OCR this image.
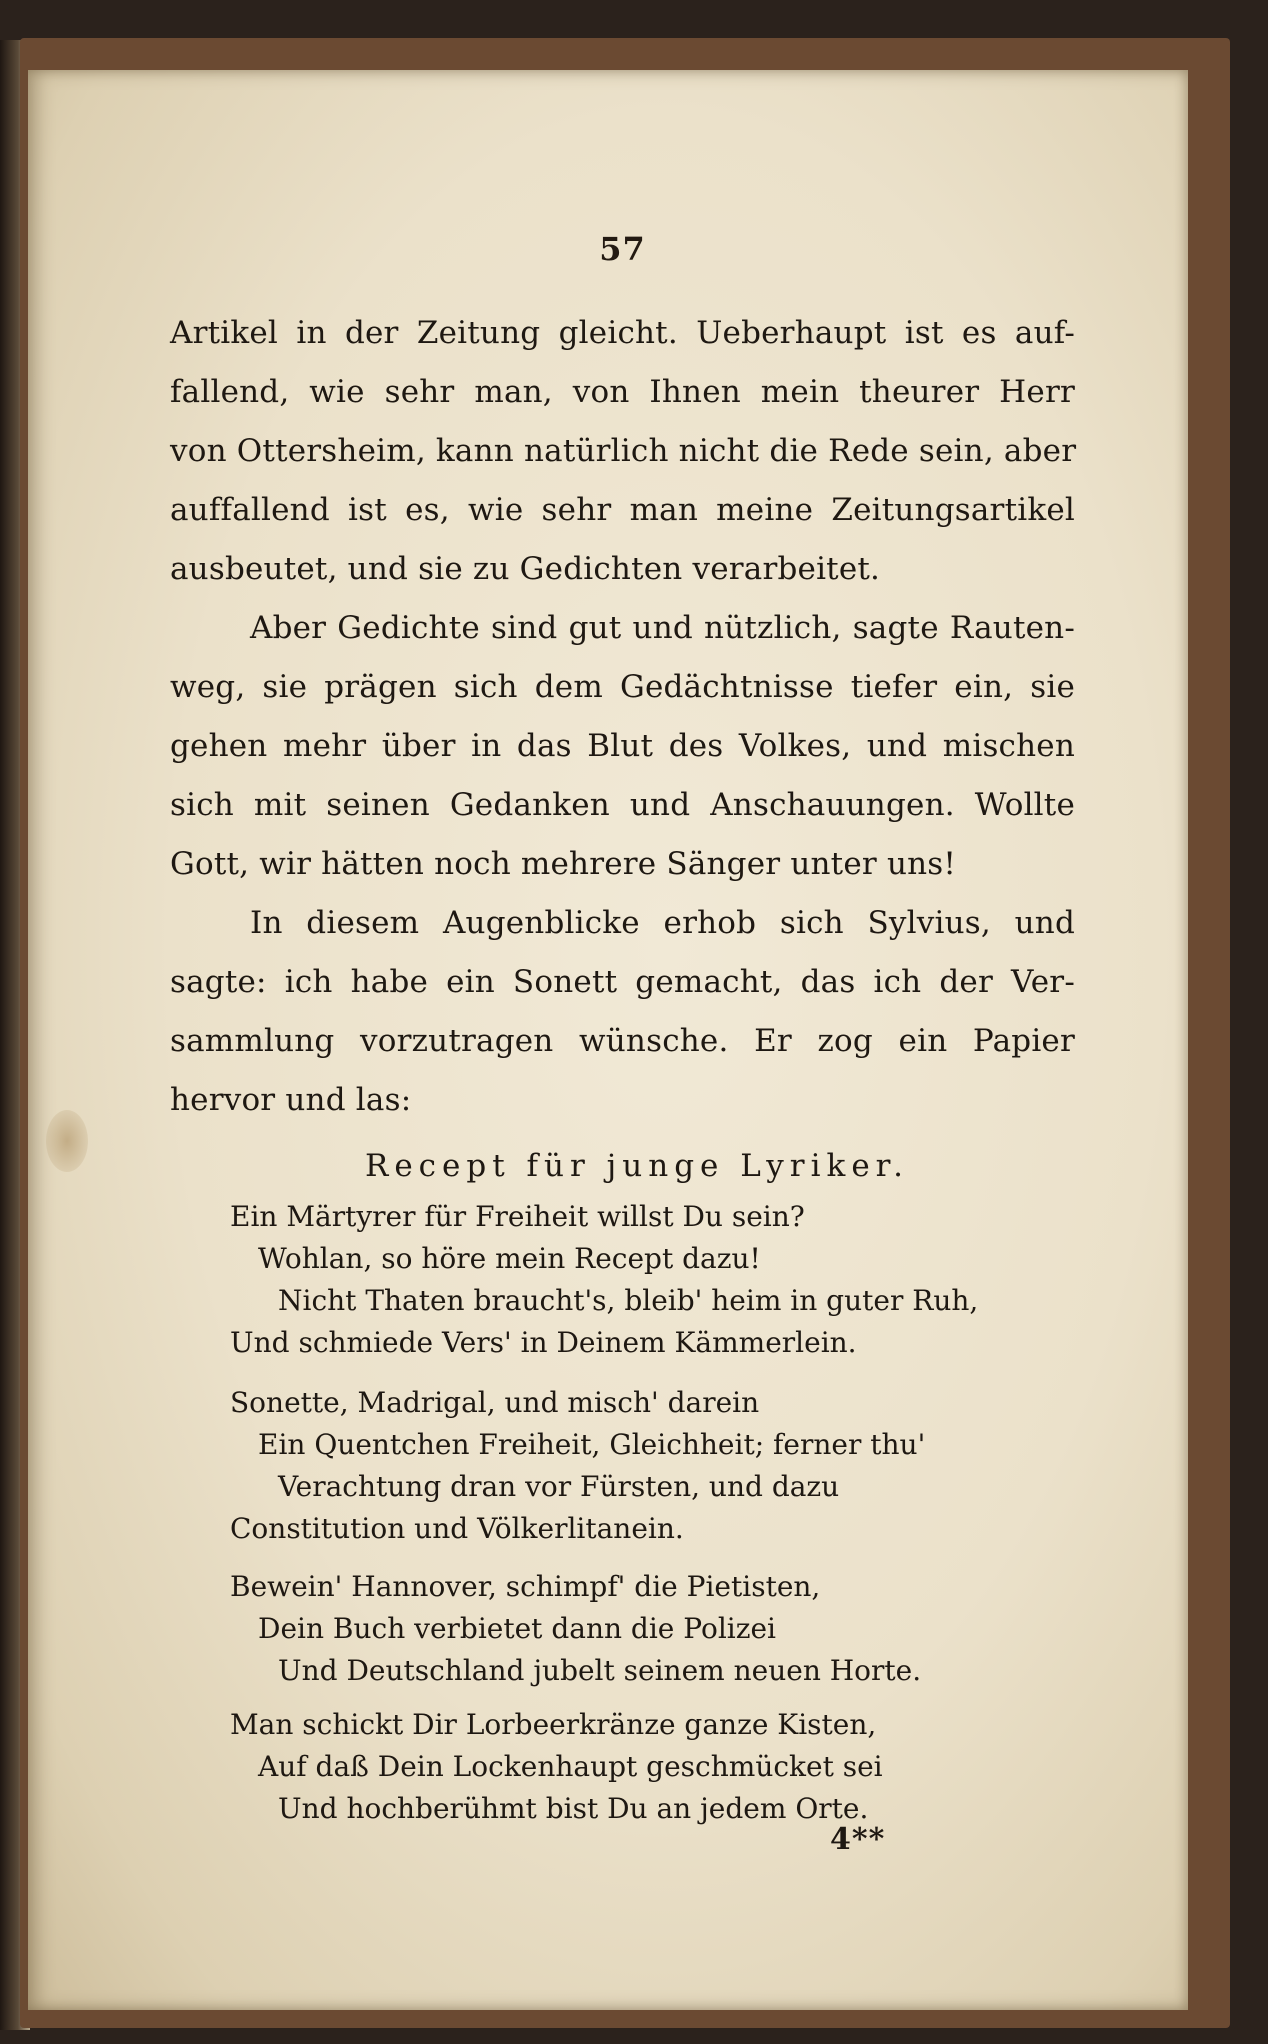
57
Artikel in der Zeitung gleicht. Ueberhaupt ist es auf-
fallend, wie sehr man, von Ihnen mein theurer Herr
von Ottersheim, kann natürlich nicht die Rede sein, aber
auffallend ist es, wie sehr man meine Zeitungsartikel
ausbeutet, und sie zu Gedichten verarbeitet.
Aber Gedichte sind gut und nützlich, sagte Rauten-
weg, sie prägen sich dem Gedächtnisse tiefer ein, sie
gehen mehr über in das Blut des Volkes, und mischen
sich mit seinen Gedanken und Anschauungen. Wollte
Gott, wir hätten noch mehrere Sänger unter uns!
In diesem Augenblicke erhob sich Sylvius, und
sagte: ich habe ein Sonett gemacht, das ich der Ver-
sammlung vorzutragen wünsche. Er zog ein Papier
hervor und las:
Recept für junge Lyriker.
Ein Märtyrer für Freiheit willst Du sein?
Wohlan, so höre mein Recept dazu!
Nicht Thaten braucht's, bleib' heim in guter Ruh,
Und schmiede Vers' in Deinem Kämmerlein.
Sonette, Madrigal, und misch' darein
Ein Quentchen Freiheit, Gleichheit; ferner thu'
Verachtung dran vor Fürsten, und dazu
Constitution und Völkerlitanein.
Bewein' Hannover, schimpf' die Pietisten,
Dein Buch verbietet dann die Polizei
Und Deutschland jubelt seinem neuen Horte.
Man schickt Dir Lorbeerkränze ganze Kisten,
Auf daß Dein Lockenhaupt geschmücket sei
Und hochberühmt bist Du an jedem Orte.
4**
